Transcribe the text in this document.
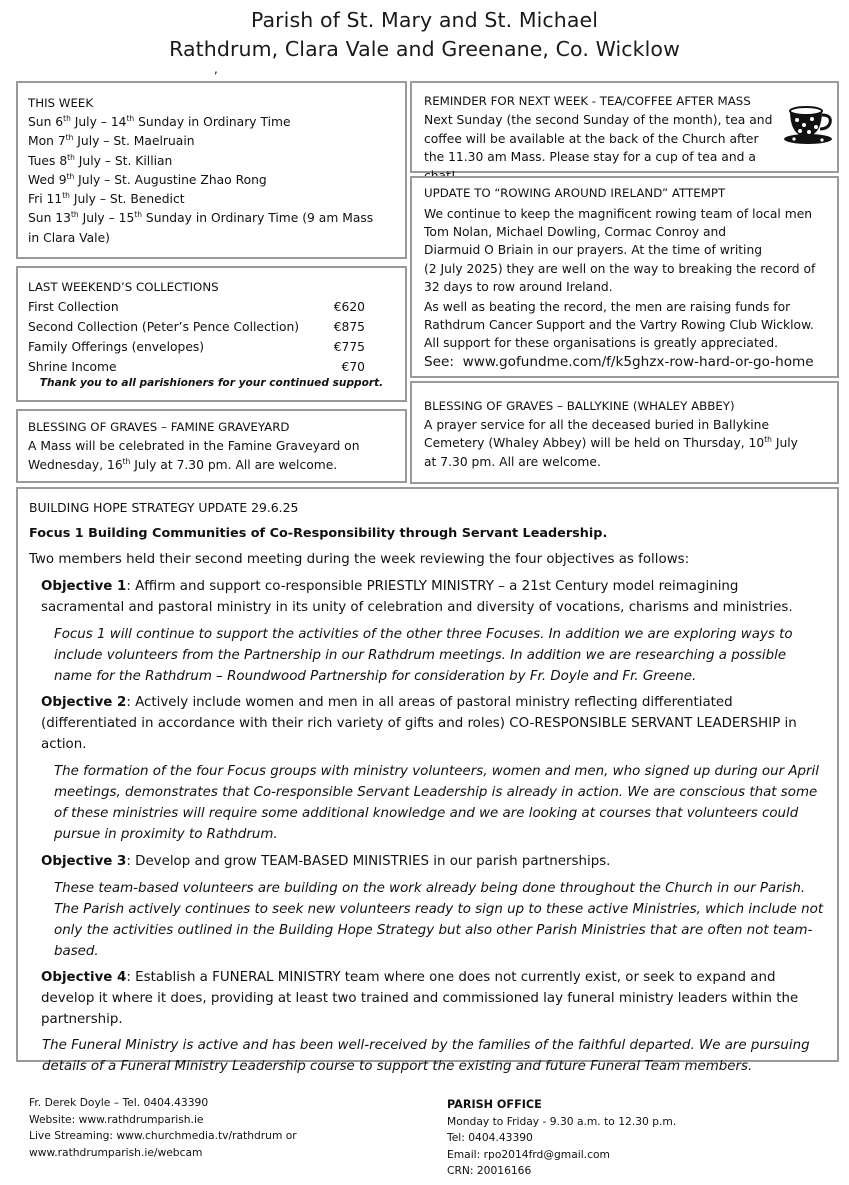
Parish of St. Mary and St. Michael
Rathdrum, Clara Vale and Greenane, Co. Wicklow
,

THIS WEEK

Sun 6th July – 14th Sunday in Ordinary Time

Mon 7th July – St. Maelruain

Tues 8th July – St. Killian

Wed 9th July – St. Augustine Zhao Rong

Fri 11th July – St. Benedict

Sun 13th July – 15th Sunday in Ordinary Time (9 am Mass in Clara Vale)

LAST WEEKEND’S COLLECTIONS

First Collection	€620
Second Collection (Peter’s Pence Collection)	€875
Family Offerings (envelopes)	€775
Shrine Income	€70
Thank you to all parishioners for your continued support.

BLESSING OF GRAVES – FAMINE GRAVEYARD

A Mass will be celebrated in the Famine Graveyard on Wednesday, 16th July at 7.30 pm. All are welcome.

REMINDER FOR NEXT WEEK - TEA/COFFEE AFTER MASS

Next Sunday (the second Sunday of the month), tea and coffee will be available at the back of the Church after the 11.30 am Mass. Please stay for a cup of tea and a

UPDATE TO “ROWING AROUND IRELAND” ATTEMPT

We continue to keep the magnificent rowing team of local men

Tom Nolan, Michael Dowling, Cormac Conroy and

Diarmuid O Briain in our prayers. At the time of writing

(2 July 2025) they are well on the way to breaking the record of

32 days to row around Ireland.

As well as beating the record, the men are raising funds for

Rathdrum Cancer Support and the Vartry Rowing Club Wicklow.

All support for these organisations is greatly appreciated.

See: www.gofundme.com/f/k5ghzx-row-hard-or-go-home

BLESSING OF GRAVES – BALLYKINE (WHALEY ABBEY)

A prayer service for all the deceased buried in Ballykine Cemetery (Whaley Abbey) will be held on Thursday, 10th July

at 7.30 pm. All are welcome.

BUILDING HOPE STRATEGY UPDATE 29.6.25

Focus 1 Building Communities of Co-Responsibility through Servant Leadership.

Two members held their second meeting during the week reviewing the four objectives as follows:

Objective 1: Affirm and support co-responsible PRIESTLY MINISTRY – a 21st Century model reimagining sacramental and pastoral ministry in its unity of celebration and diversity of vocations, charisms and ministries.

Focus 1 will continue to support the activities of the other three Focuses. In addition we are exploring ways to include volunteers from the Partnership in our Rathdrum meetings. In addition we are researching a possible name for the Rathdrum – Roundwood Partnership for consideration by Fr. Doyle and Fr. Greene.

Objective 2: Actively include women and men in all areas of pastoral ministry reflecting differentiated (differentiated in accordance with their rich variety of gifts and roles) CO-RESPONSIBLE SERVANT LEADERSHIP in action.

The formation of the four Focus groups with ministry volunteers, women and men, who signed up during our April meetings, demonstrates that Co-responsible Servant Leadership is already in action. We are conscious that some of these ministries will require some additional knowledge and we are looking at courses that volunteers could pursue in proximity to Rathdrum.

Objective 3: Develop and grow TEAM-BASED MINISTRIES in our parish partnerships.

These team-based volunteers are building on the work already being done throughout the Church in our Parish. The Parish actively continues to seek new volunteers ready to sign up to these active Ministries, which include not only the activities outlined in the Building Hope Strategy but also other Parish Ministries that are often not team-based.

Objective 4: Establish a FUNERAL MINISTRY team where one does not currently exist, or seek to expand and develop it where it does, providing at least two trained and commissioned lay funeral ministry leaders within the partnership.

The Funeral Ministry is active and has been well-received by the families of the faithful departed. We are pursuing details of a Funeral Ministry Leadership course to support the existing and future Funeral Team members.

Fr. Derek Doyle – Tel. 0404.43390

Website: www.rathdrumparish.ie

Live Streaming: www.churchmedia.tv/rathdrum or

www.rathdrumparish.ie/webcam

PARISH OFFICE

Monday to Friday - 9.30 a.m. to 12.30 p.m.

Tel: 0404.43390

Email: rpo2014frd@gmail.com

CRN: 20016166
